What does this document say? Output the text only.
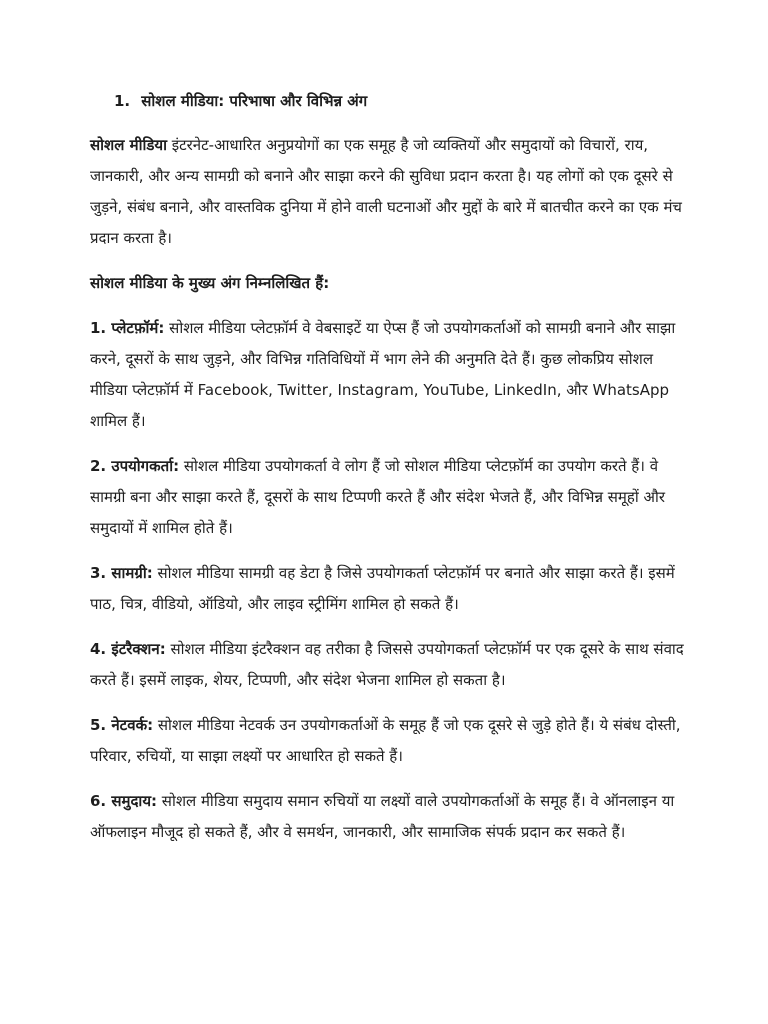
1. सोशल मीडिया: परिभाषा और विभिन्न अंग

सोशल मीडिया इंटरनेट-आधारित अनुप्रयोगों का एक समूह है जो व्यक्तियों और समुदायों को विचारों, राय, जानकारी, और अन्य सामग्री को बनाने और साझा करने की सुविधा प्रदान करता है। यह लोगों को एक दूसरे से जुड़ने, संबंध बनाने, और वास्तविक दुनिया में होने वाली घटनाओं और मुद्दों के बारे में बातचीत करने का एक मंच प्रदान करता है।

सोशल मीडिया के मुख्य अंग निम्नलिखित हैं:

1. प्लेटफ़ॉर्म: सोशल मीडिया प्लेटफ़ॉर्म वे वेबसाइटें या ऐप्स हैं जो उपयोगकर्ताओं को सामग्री बनाने और साझा करने, दूसरों के साथ जुड़ने, और विभिन्न गतिविधियों में भाग लेने की अनुमति देते हैं। कुछ लोकप्रिय सोशल मीडिया प्लेटफ़ॉर्म में Facebook, Twitter, Instagram, YouTube, LinkedIn, और WhatsApp शामिल हैं।

2. उपयोगकर्ता: सोशल मीडिया उपयोगकर्ता वे लोग हैं जो सोशल मीडिया प्लेटफ़ॉर्म का उपयोग करते हैं। वे सामग्री बना और साझा करते हैं, दूसरों के साथ टिप्पणी करते हैं और संदेश भेजते हैं, और विभिन्न समूहों और समुदायों में शामिल होते हैं।

3. सामग्री: सोशल मीडिया सामग्री वह डेटा है जिसे उपयोगकर्ता प्लेटफ़ॉर्म पर बनाते और साझा करते हैं। इसमें पाठ, चित्र, वीडियो, ऑडियो, और लाइव स्ट्रीमिंग शामिल हो सकते हैं।

4. इंटरैक्शन: सोशल मीडिया इंटरैक्शन वह तरीका है जिससे उपयोगकर्ता प्लेटफ़ॉर्म पर एक दूसरे के साथ संवाद करते हैं। इसमें लाइक, शेयर, टिप्पणी, और संदेश भेजना शामिल हो सकता है।

5. नेटवर्क: सोशल मीडिया नेटवर्क उन उपयोगकर्ताओं के समूह हैं जो एक दूसरे से जुड़े होते हैं। ये संबंध दोस्ती, परिवार, रुचियों, या साझा लक्ष्यों पर आधारित हो सकते हैं।

6. समुदाय: सोशल मीडिया समुदाय समान रुचियों या लक्ष्यों वाले उपयोगकर्ताओं के समूह हैं। वे ऑनलाइन या ऑफलाइन मौजूद हो सकते हैं, और वे समर्थन, जानकारी, और सामाजिक संपर्क प्रदान कर सकते हैं।
